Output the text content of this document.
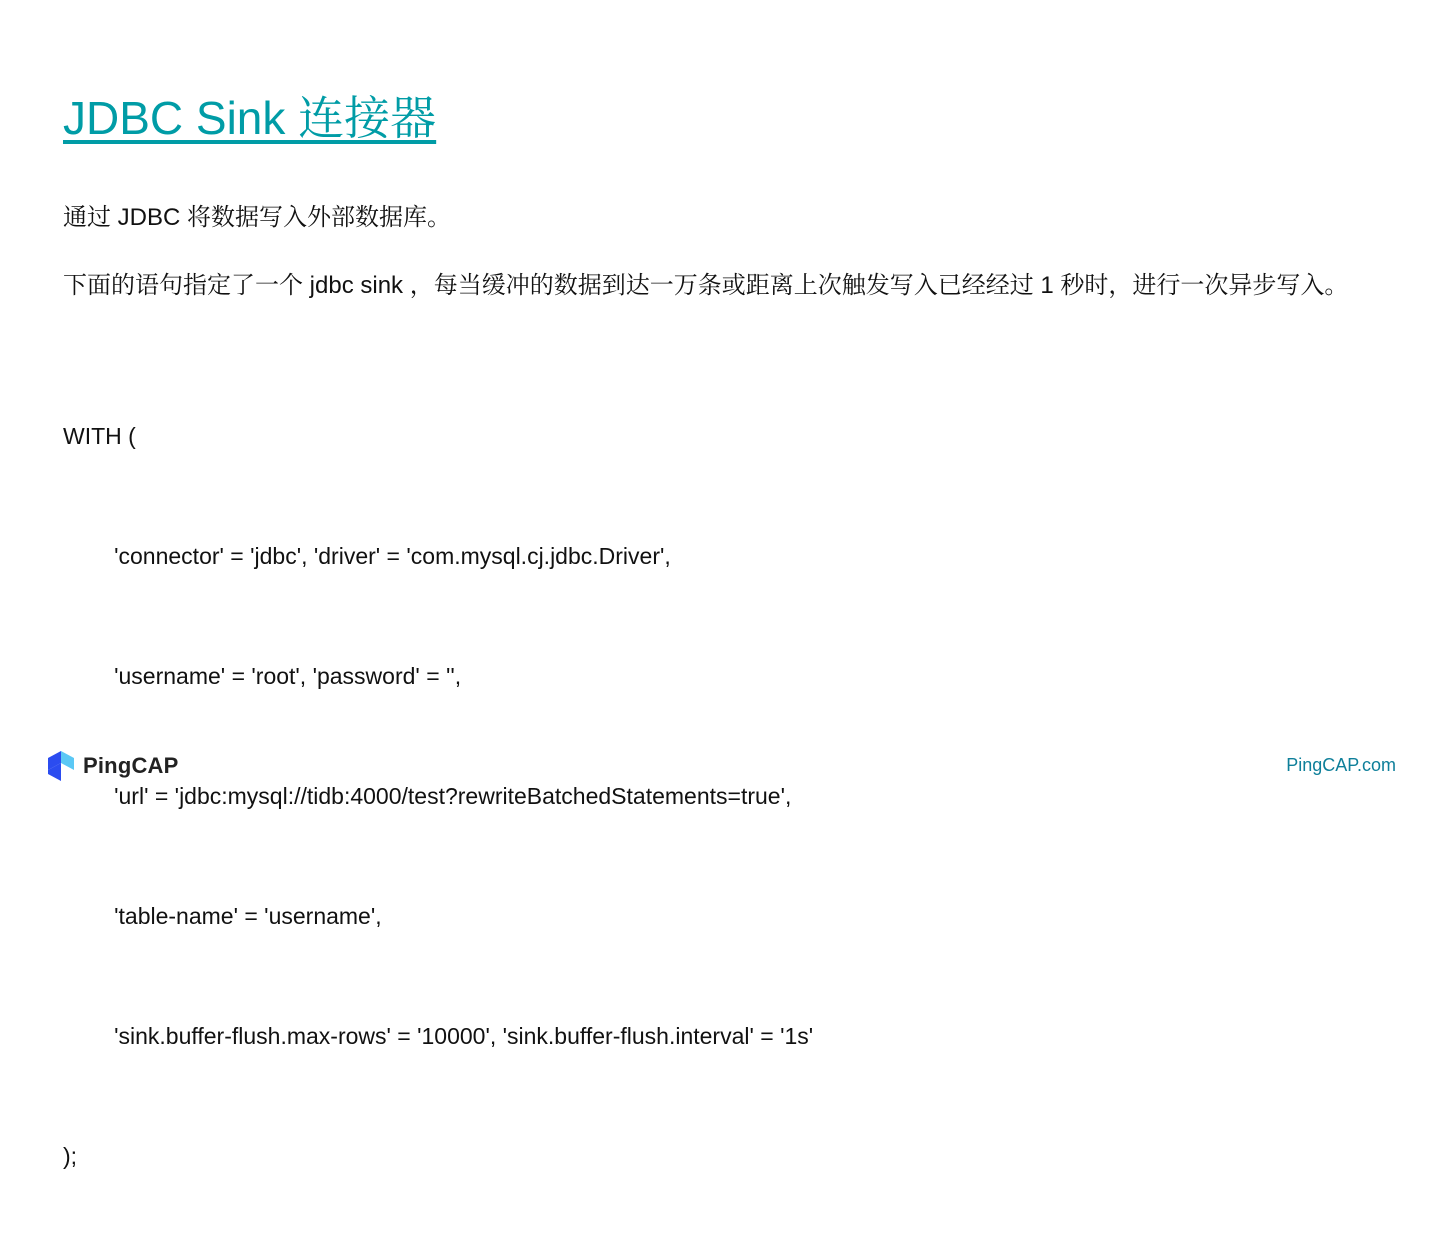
JDBC Sink 连接器

通过 JDBC 将数据写入外部数据库。

下面的语句指定了一个 jdbc sink ，每当缓冲的数据到达一万条或距离上次触发写入已经经过 1 秒时，进行一次异步写入。

WITH (

'connector' = 'jdbc', 'driver' = 'com.mysql.cj.jdbc.Driver',

'username' = 'root', 'password' = '',

'url' = 'jdbc:mysql://tidb:4000/test?rewriteBatchedStatements=true',

'table-name' = 'username',

'sink.buffer-flush.max-rows' = '10000', 'sink.buffer-flush.interval' = '1s'

);

PingCAP	PingCAP.com
